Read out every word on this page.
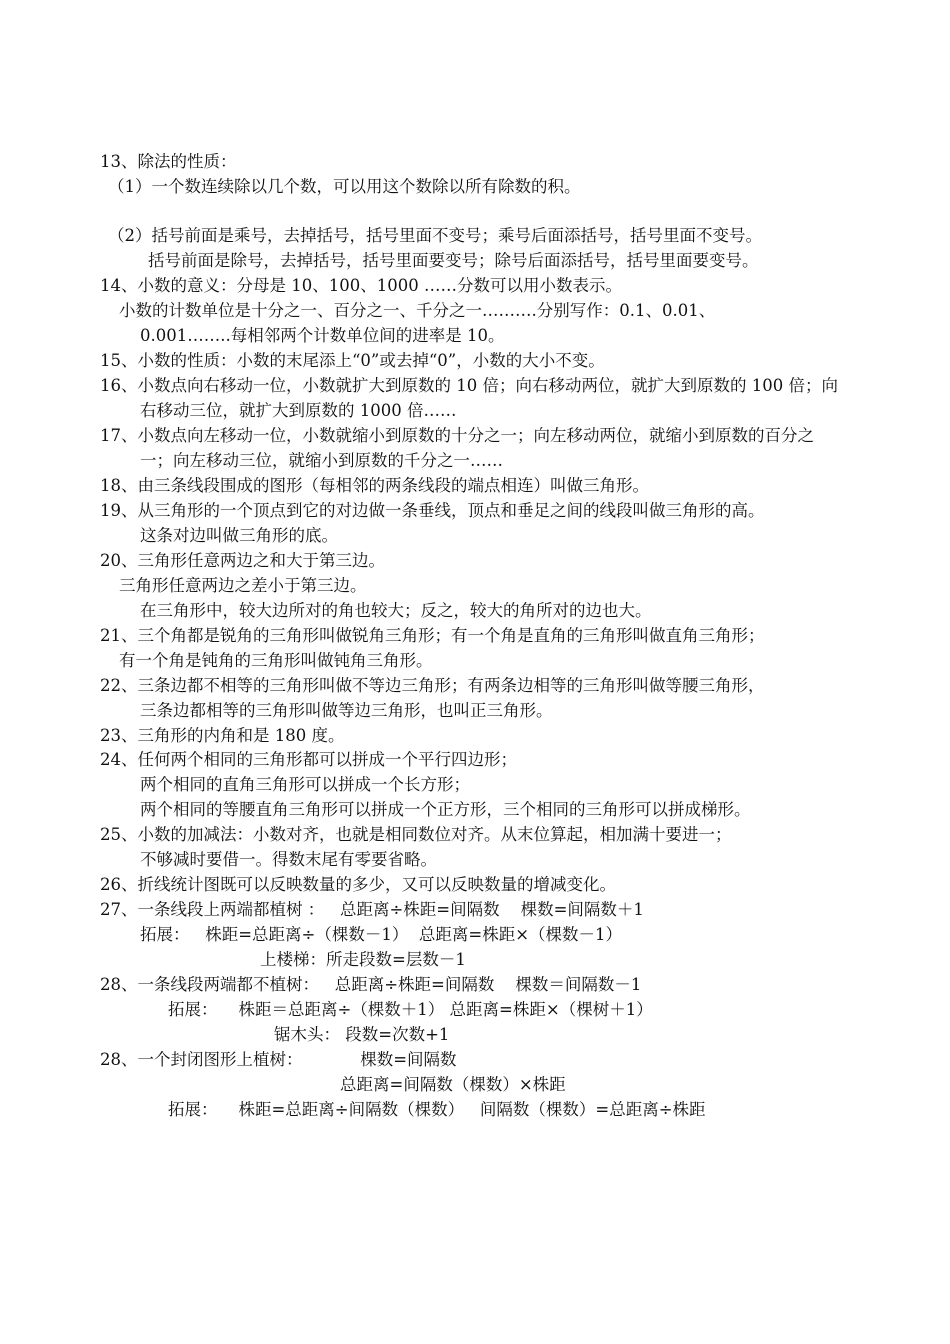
13、除法的性质：
（1）一个数连续除以几个数，可以用这个数除以所有除数的积。
（2）括号前面是乘号，去掉括号，括号里面不变号；乘号后面添括号，括号里面不变号。
括号前面是除号，去掉括号，括号里面要变号；除号后面添括号，括号里面要变号。
14、小数的意义：分母是 10、100、1000 ……分数可以用小数表示。
小数的计数单位是十分之一、百分之一、千分之一……….分别写作：0.1、0.01、
0.001……..每相邻两个计数单位间的进率是 10。
15、小数的性质：小数的末尾添上“0”或去掉“0”，小数的大小不变。
16、小数点向右移动一位，小数就扩大到原数的 10 倍；向右移动两位，就扩大到原数的 100 倍；向
右移动三位，就扩大到原数的 1000 倍……
17、小数点向左移动一位，小数就缩小到原数的十分之一；向左移动两位，就缩小到原数的百分之
一；向左移动三位，就缩小到原数的千分之一……
18、由三条线段围成的图形（每相邻的两条线段的端点相连）叫做三角形。
19、从三角形的一个顶点到它的对边做一条垂线，顶点和垂足之间的线段叫做三角形的高。
这条对边叫做三角形的底。
20、三角形任意两边之和大于第三边。
三角形任意两边之差小于第三边。
在三角形中，较大边所对的角也较大；反之，较大的角所对的边也大。
21、三个角都是锐角的三角形叫做锐角三角形；有一个角是直角的三角形叫做直角三角形；
有一个角是钝角的三角形叫做钝角三角形。
22、三条边都不相等的三角形叫做不等边三角形；有两条边相等的三角形叫做等腰三角形，
三条边都相等的三角形叫做等边三角形，也叫正三角形。
23、三角形的内角和是 180 度。
24、任何两个相同的三角形都可以拼成一个平行四边形；
两个相同的直角三角形可以拼成一个长方形；
两个相同的等腰直角三角形可以拼成一个正方形，三个相同的三角形可以拼成梯形。
25、小数的加减法：小数对齐，也就是相同数位对齐。从末位算起，相加满十要进一；
不够减时要借一。得数末尾有零要省略。
26、折线统计图既可以反映数量的多少，又可以反映数量的增减变化。
27、一条线段上两端都植树 ：   总距离÷株距=间隔数    棵数=间隔数＋1
拓展：   株距=总距离÷（棵数－1）  总距离=株距×（棵数－1）
上楼梯：所走段数=层数－1
28、一条线段两端都不植树：   总距离÷株距=间隔数    棵数＝间隔数－1
拓展：    株距＝总距离÷（棵数＋1） 总距离=株距×（棵树＋1）
锯木头： 段数=次数+1
28、一个封闭图形上植树：           棵数=间隔数
总距离=间隔数（棵数）×株距
拓展：    株距=总距离÷间隔数（棵数）   间隔数（棵数）=总距离÷株距
